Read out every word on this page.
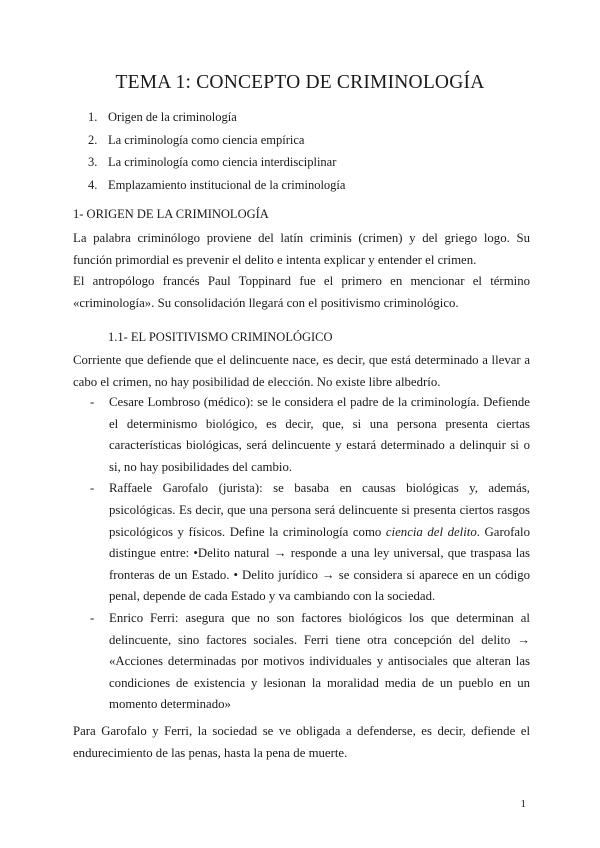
TEMA 1: CONCEPTO DE CRIMINOLOGÍA
1. Origen de la criminología
2. La criminología como ciencia empírica
3. La criminología como ciencia interdisciplinar
4. Emplazamiento institucional de la criminología
1- ORIGEN DE LA CRIMINOLOGÍA

La palabra criminólogo proviene del latín criminis (crimen) y del griego logo. Su función primordial es prevenir el delito e intenta explicar y entender el crimen.

El antropólogo francés Paul Toppinard fue el primero en mencionar el término «criminología». Su consolidación llegará con el positivismo criminológico.

1.1- EL POSITIVISMO CRIMINOLÓGICO

Corriente que defiende que el delincuente nace, es decir, que está determinado a llevar a cabo el crimen, no hay posibilidad de elección. No existe libre albedrío.

- Cesare Lombroso (médico): se le considera el padre de la criminología. Defiende el determinismo biológico, es decir, que, si una persona presenta ciertas características biológicas, será delincuente y estará determinado a delinquir si o si, no hay posibilidades del cambio.
- Raffaele Garofalo (jurista): se basaba en causas biológicas y, además, psicológicas. Es decir, que una persona será delincuente si presenta ciertos rasgos psicológicos y físicos. Define la criminología como ciencia del delito. Garofalo distingue entre: •Delito natural → responde a una ley universal, que traspasa las fronteras de un Estado. • Delito jurídico → se considera si aparece en un código penal, depende de cada Estado y va cambiando con la sociedad.
- Enrico Ferri: asegura que no son factores biológicos los que determinan al delincuente, sino factores sociales. Ferri tiene otra concepción del delito → «Acciones determinadas por motivos individuales y antisociales que alteran las condiciones de existencia y lesionan la moralidad media de un pueblo en un momento determinado»

Para Garofalo y Ferri, la sociedad se ve obligada a defenderse, es decir, defiende el endurecimiento de las penas, hasta la pena de muerte.

1
